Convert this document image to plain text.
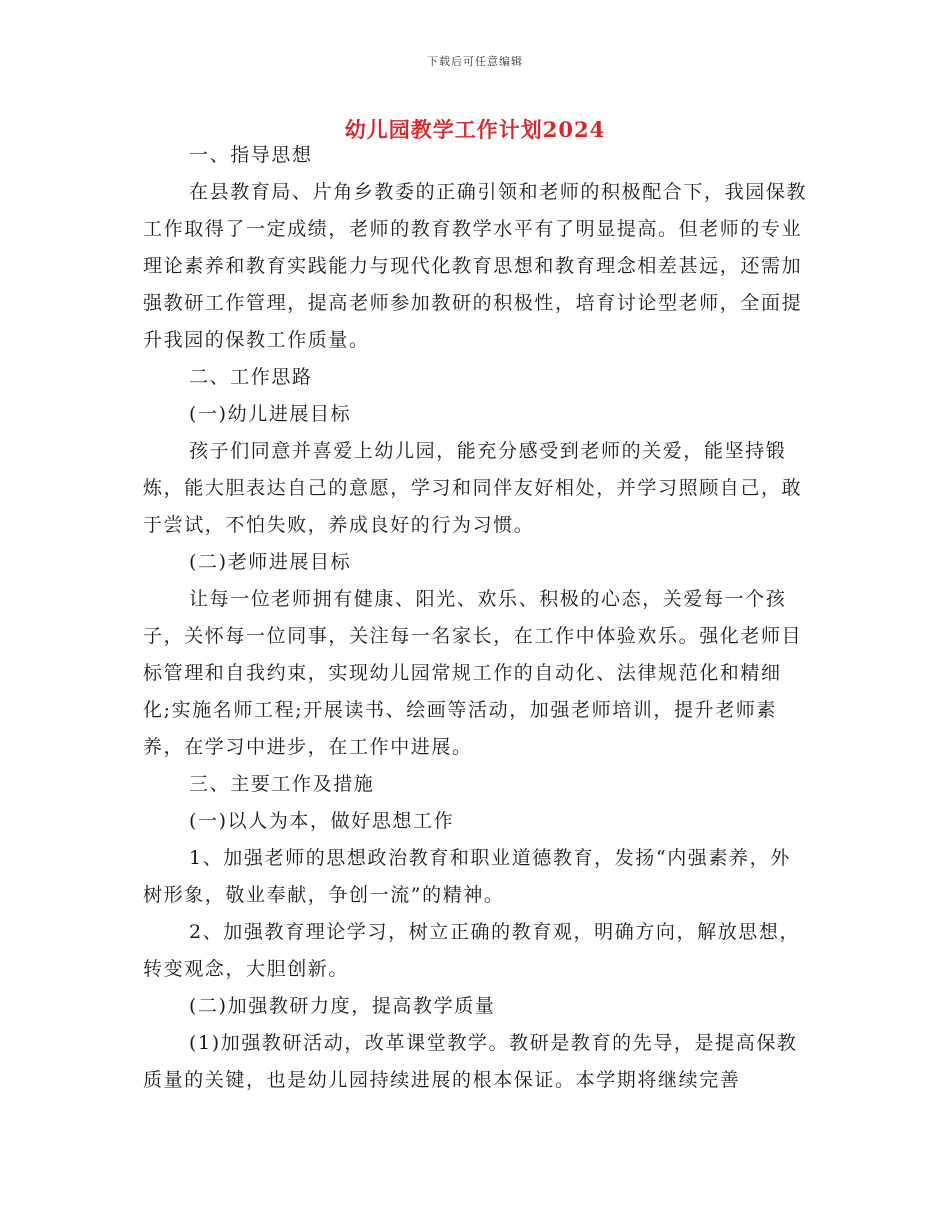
下载后可任意编辑
幼儿园教学工作计划2024

一、指导思想

在县教育局、片角乡教委的正确引领和老师的积极配合下，我园保教工作取得了一定成绩，老师的教育教学水平有了明显提高。但老师的专业理论素养和教育实践能力与现代化教育思想和教育理念相差甚远，还需加强教研工作管理，提高老师参加教研的积极性，培育讨论型老师，全面提升我园的保教工作质量。

二、工作思路

(一)幼儿进展目标

孩子们同意并喜爱上幼儿园，能充分感受到老师的关爱，能坚持锻炼，能大胆表达自己的意愿，学习和同伴友好相处，并学习照顾自己，敢于尝试，不怕失败，养成良好的行为习惯。

(二)老师进展目标

让每一位老师拥有健康、阳光、欢乐、积极的心态，关爱每一个孩子，关怀每一位同事，关注每一名家长，在工作中体验欢乐。强化老师目标管理和自我约束，实现幼儿园常规工作的自动化、法律规范化和精细化;实施名师工程;开展读书、绘画等活动，加强老师培训，提升老师素养，在学习中进步，在工作中进展。

三、主要工作及措施

(一)以人为本，做好思想工作

1、加强老师的思想政治教育和职业道德教育，发扬“内强素养，外树形象，敬业奉献，争创一流”的精神。

2、加强教育理论学习，树立正确的教育观，明确方向，解放思想，转变观念，大胆创新。

(二)加强教研力度，提高教学质量

(1)加强教研活动，改革课堂教学。教研是教育的先导，是提高保教质量的关键，也是幼儿园持续进展的根本保证。本学期将继续完善
